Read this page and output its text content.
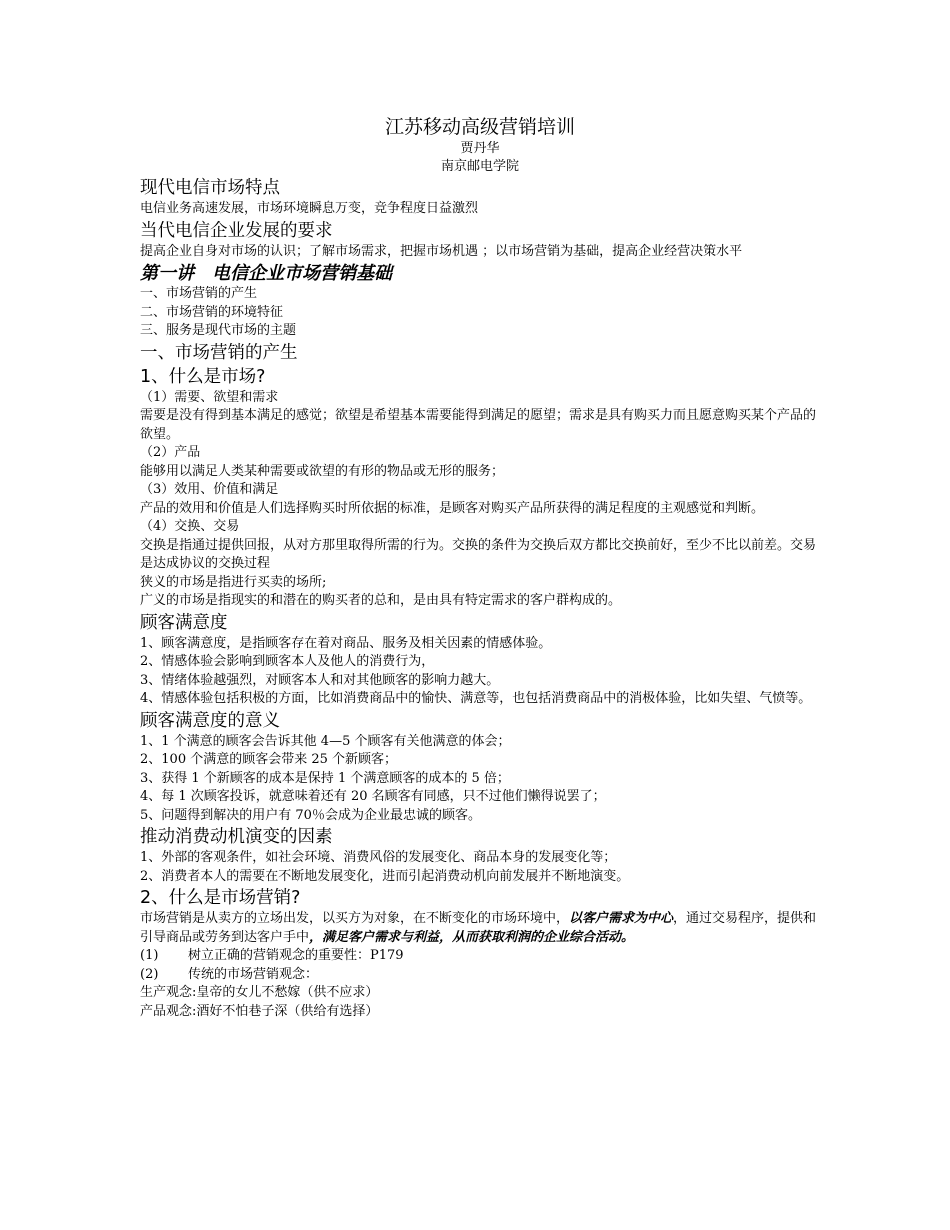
江苏移动高级营销培训

贾丹华

南京邮电学院

现代电信市场特点

电信业务高速发展，市场环境瞬息万变，竞争程度日益激烈

当代电信企业发展的要求

提高企业自身对市场的认识；了解市场需求，把握市场机遇 ；以市场营销为基础，提高企业经营决策水平

第一讲　电信企业市场营销基础

一、市场营销的产生

二、市场营销的环境特征

三、服务是现代市场的主题

一、市场营销的产生
1、什么是市场?

（1）需要、欲望和需求

需要是没有得到基本满足的感觉；欲望是希望基本需要能得到满足的愿望；需求是具有购买力而且愿意购买某个产品的欲望。

（2）产品

能够用以满足人类某种需要或欲望的有形的物品或无形的服务；

（3）效用、价值和满足

产品的效用和价值是人们选择购买时所依据的标准，是顾客对购买产品所获得的满足程度的主观感觉和判断。

（4）交换、交易

交换是指通过提供回报，从对方那里取得所需的行为。交换的条件为交换后双方都比交换前好，至少不比以前差。交易是达成协议的交换过程

狭义的市场是指进行买卖的场所;

广义的市场是指现实的和潜在的购买者的总和，是由具有特定需求的客户群构成的。

顾客满意度

1、顾客满意度，是指顾客存在着对商品、服务及相关因素的情感体验。

2、情感体验会影响到顾客本人及他人的消费行为，

3、情绪体验越强烈，对顾客本人和对其他顾客的影响力越大。

4、情感体验包括积极的方面，比如消费商品中的愉快、满意等，也包括消费商品中的消极体验，比如失望、气愤等。

顾客满意度的意义

1、1 个满意的顾客会告诉其他 4—5 个顾客有关他满意的体会；

2、100 个满意的顾客会带来 25 个新顾客；

3、获得 1 个新顾客的成本是保持 1 个满意顾客的成本的 5 倍；

4、每 1 次顾客投诉，就意味着还有 20 名顾客有同感，只不过他们懒得说罢了；

5、问题得到解决的用户有 70％会成为企业最忠诚的顾客。

推动消费动机演变的因素

1、外部的客观条件，如社会环境、消费风俗的发展变化、商品本身的发展变化等；

2、消费者本人的需要在不断地发展变化，进而引起消费动机向前发展并不断地演变。

2、什么是市场营销?

市场营销是从卖方的立场出发，以买方为对象，在不断变化的市场环境中，以客户需求为中心，通过交易程序，提供和引导商品或劳务到达客户手中，满足客户需求与利益，从而获取利润的企业综合活动。

(1)	树立正确的营销观念的重要性：P179
(2)	传统的市场营销观念：

生产观念:皇帝的女儿不愁嫁（供不应求）

产品观念:酒好不怕巷子深（供给有选择）
